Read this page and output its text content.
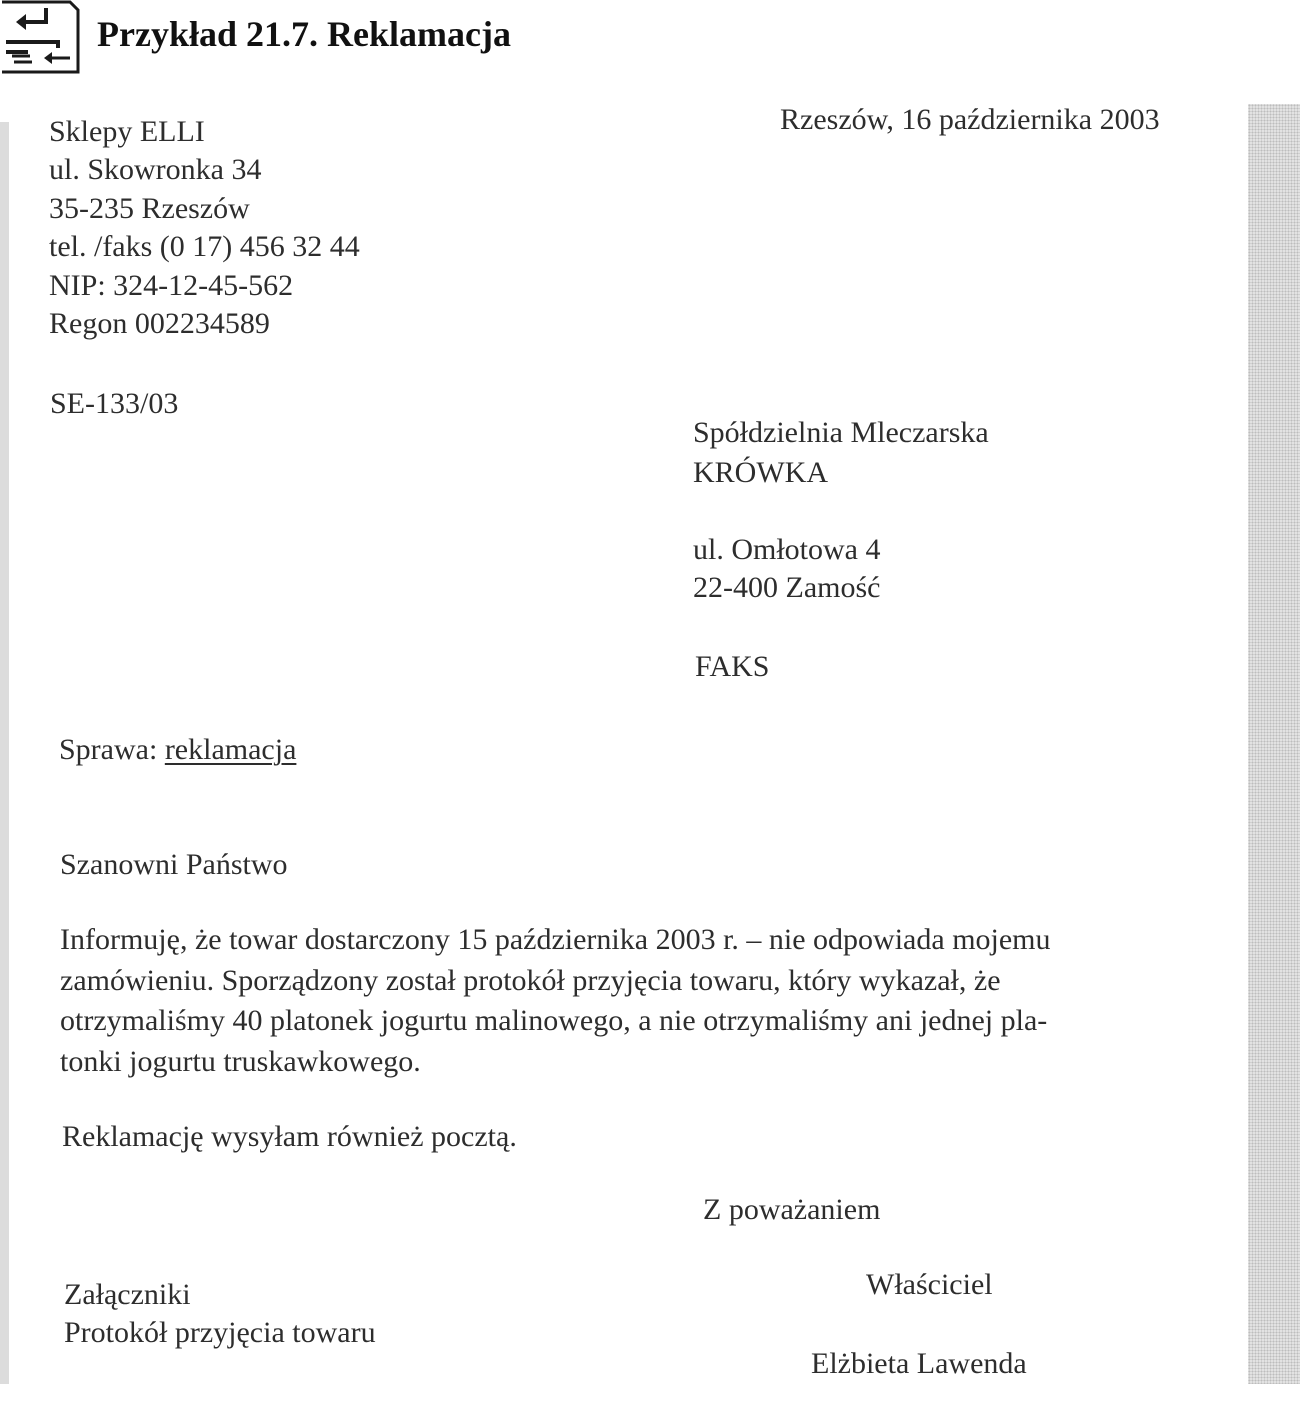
Przykład 21.7. Reklamacja
Sklepy ELLI
ul. Skowronka 34
35-235 Rzeszów
tel. /faks (0 17) 456 32 44
NIP: 324-12-45-562
Regon 002234589
Rzeszów, 16 października 2003
SE-133/03
Spółdzielnia Mleczarska
KRÓWKA
ul. Omłotowa 4
22-400 Zamość
FAKS
Sprawa: reklamacja
Szanowni Państwo
Informuję, że towar dostarczony 15 października 2003 r. – nie odpowiada mojemu
zamówieniu. Sporządzony został protokół przyjęcia towaru, który wykazał, że
otrzymaliśmy 40 platonek jogurtu malinowego, a nie otrzymaliśmy ani jednej pla-
tonki jogurtu truskawkowego.
Reklamację wysyłam również pocztą.
Z poważaniem
Właściciel
Elżbieta Lawenda
Załączniki
Protokół przyjęcia towaru
